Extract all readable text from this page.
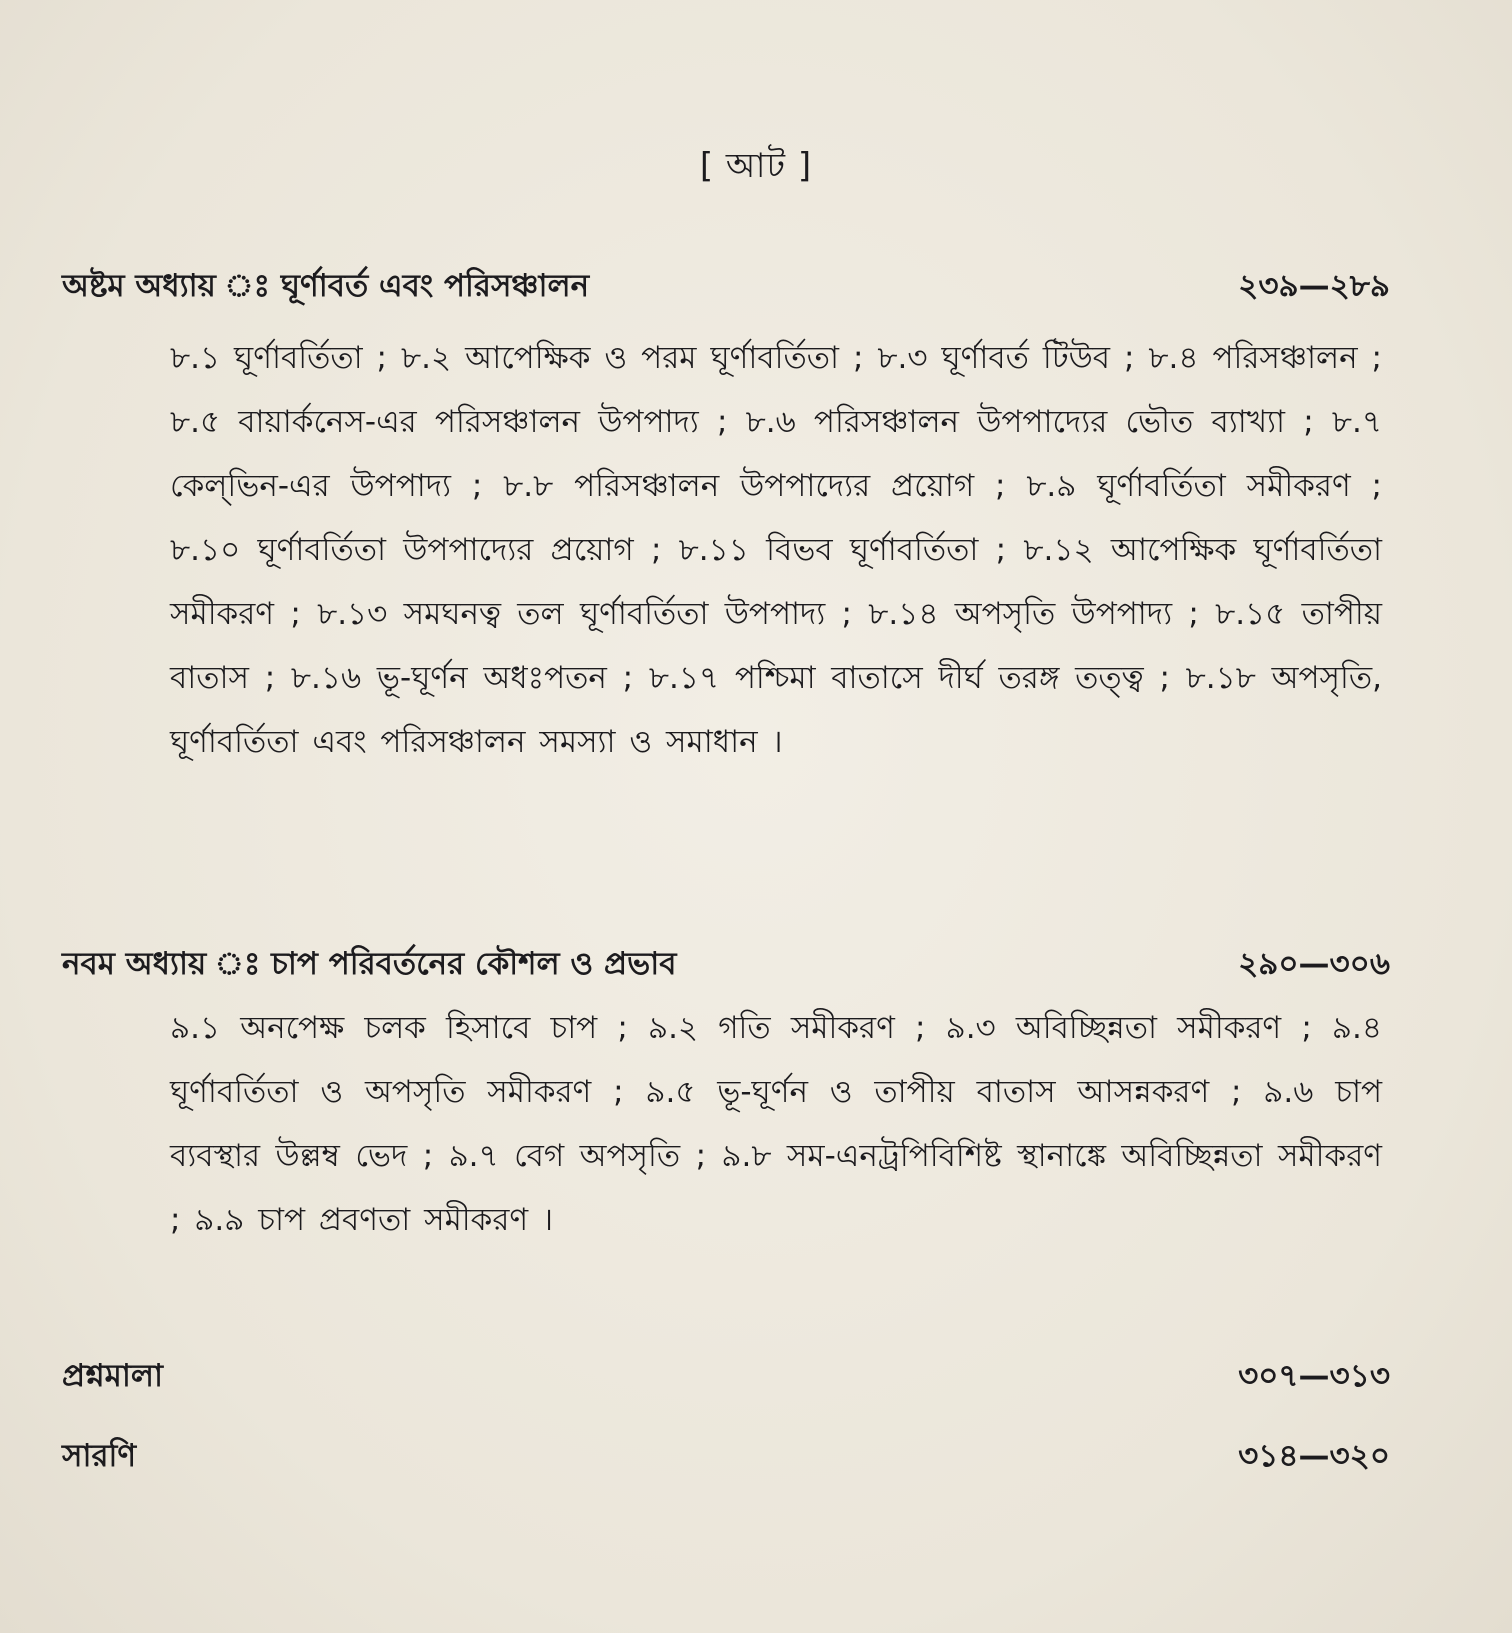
[ আট ]
অষ্টম অধ্যায় ঃ ঘূর্ণাবর্ত এবং পরিসঞ্চালন	২৩৯—২৮৯
৮.১ ঘূর্ণাবর্তিতা ; ৮.২ আপেক্ষিক ও পরম ঘূর্ণাবর্তিতা ; ৮.৩ ঘূর্ণাবর্ত টিউব ; ৮.৪ পরিসঞ্চালন ; ৮.৫ বায়ার্কনেস-এর পরিসঞ্চালন উপপাদ্য ; ৮.৬ পরিসঞ্চালন উপপাদ্যের ভৌত ব্যাখ্যা ; ৮.৭ কেল্‌ভিন-এর উপপাদ্য ; ৮.৮ পরিসঞ্চালন উপপাদ্যের প্রয়োগ ; ৮.৯ ঘূর্ণাবর্তিতা সমীকরণ ; ৮.১০ ঘূর্ণাবর্তিতা উপপাদ্যের প্রয়োগ ; ৮.১১ বিভব ঘূর্ণাবর্তিতা ; ৮.১২ আপেক্ষিক ঘূর্ণাবর্তিতা সমীকরণ ; ৮.১৩ সমঘনত্ব তল ঘূর্ণাবর্তিতা উপপাদ্য ; ৮.১৪ অপসৃতি উপপাদ্য ; ৮.১৫ তাপীয় বাতাস ; ৮.১৬ ভূ-ঘূর্ণন অধঃপতন ; ৮.১৭ পশ্চিমা বাতাসে দীর্ঘ তরঙ্গ তত্ত্ব ; ৮.১৮ অপসৃতি, ঘূর্ণাবর্তিতা এবং পরিসঞ্চালন সমস্যা ও সমাধান ।
নবম অধ্যায় ঃ চাপ পরিবর্তনের কৌশল ও প্রভাব	২৯০—৩০৬
৯.১ অনপেক্ষ চলক হিসাবে চাপ ; ৯.২ গতি সমীকরণ ; ৯.৩ অবিচ্ছিন্নতা সমীকরণ ; ৯.৪ ঘূর্ণাবর্তিতা ও অপসৃতি সমীকরণ ; ৯.৫ ভূ-ঘূর্ণন ও তাপীয় বাতাস আসন্নকরণ ; ৯.৬ চাপ ব্যবস্থার উল্লম্ব ভেদ ; ৯.৭ বেগ অপসৃতি ; ৯.৮ সম-এনট্রপিবিশিষ্ট স্থানাঙ্কে অবিচ্ছিন্নতা সমীকরণ ; ৯.৯ চাপ প্রবণতা সমীকরণ ।
প্রশ্নমালা	৩০৭—৩১৩
সারণি	৩১৪—৩২০
